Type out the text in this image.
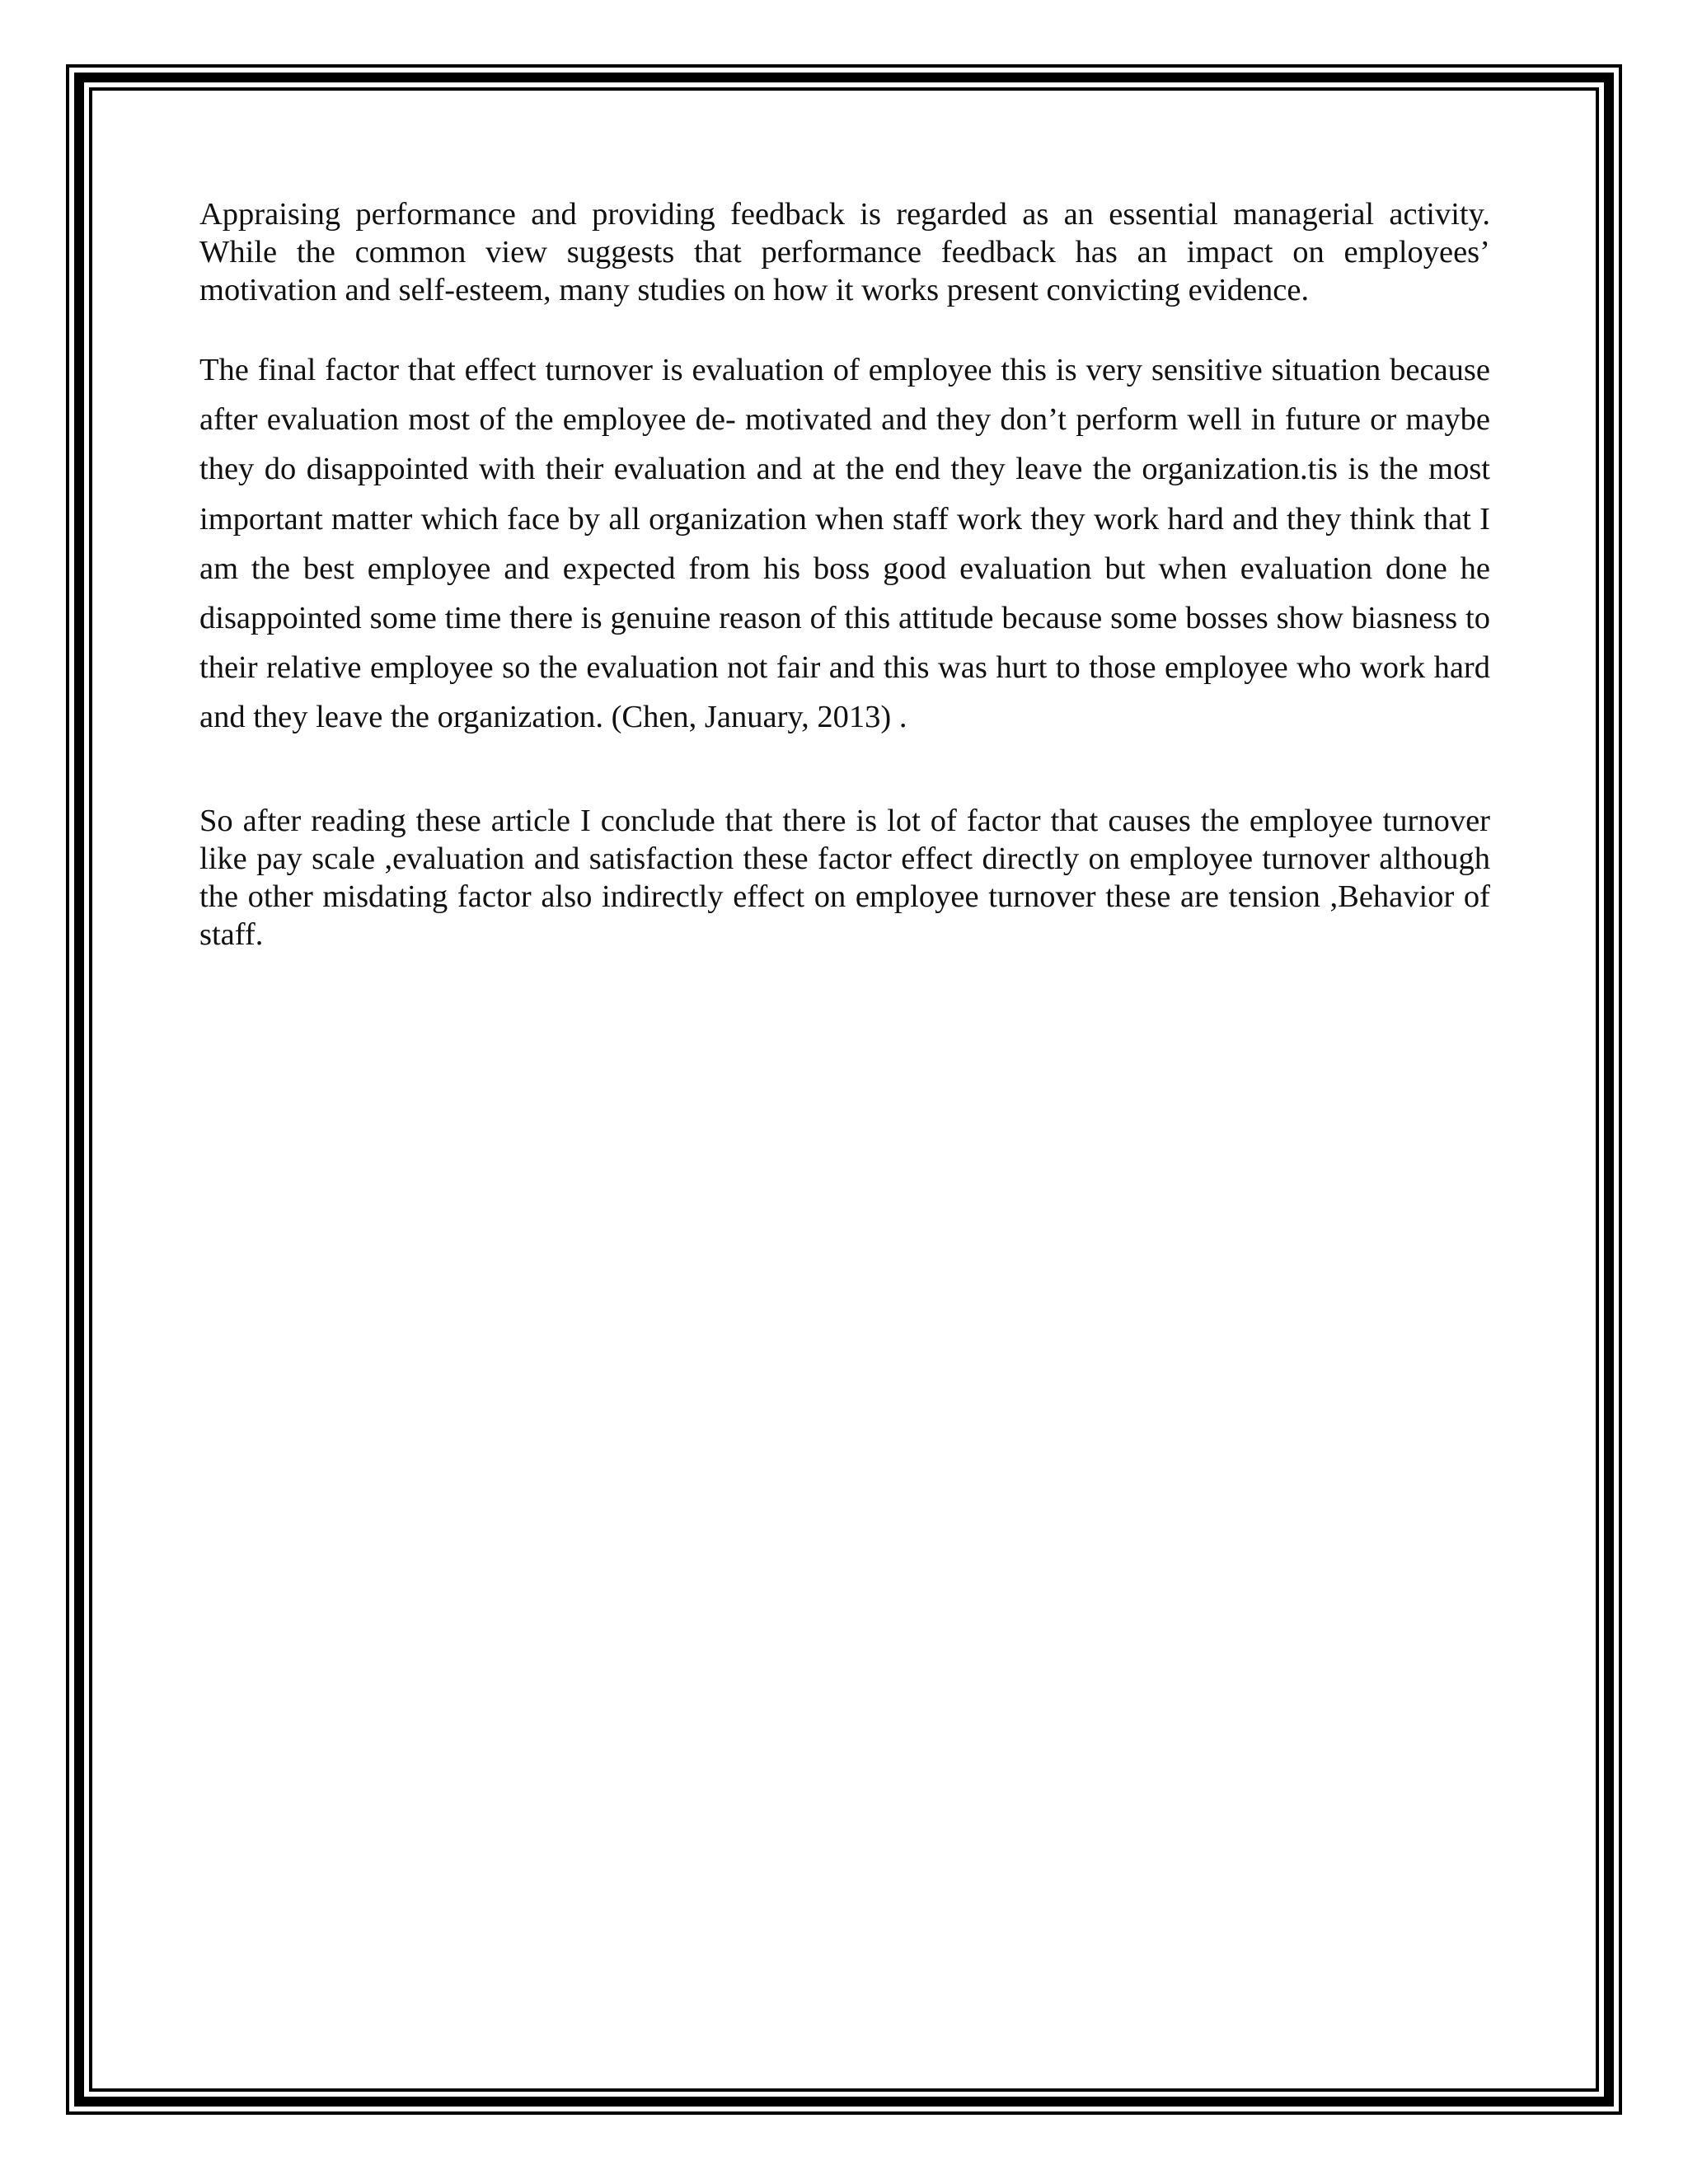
Appraising performance and providing feedback is regarded as an essential managerial activity. While the common view suggests that performance feedback has an impact on employees’ motivation and self-esteem, many studies on how it works present convicting evidence.

The final factor that effect turnover is evaluation of employee this is very sensitive situation because after evaluation most of the employee de- motivated and they don’t perform well in future or maybe they do disappointed with their evaluation and at the end they leave the organization.tis is the most important matter which face by all organization when staff work they work hard and they think that I am the best employee and expected from his boss good evaluation but when evaluation done he disappointed some time there is genuine reason of this attitude because some bosses show biasness to their relative employee so the evaluation not fair and this was hurt to those employee who work hard and they leave the organization. (Chen, January, 2013) .

So after reading these article I conclude that there is lot of factor that causes the employee turnover like pay scale ,evaluation and satisfaction these factor effect directly on employee turnover although the other misdating factor also indirectly effect on employee turnover these are tension ,Behavior of staff.
